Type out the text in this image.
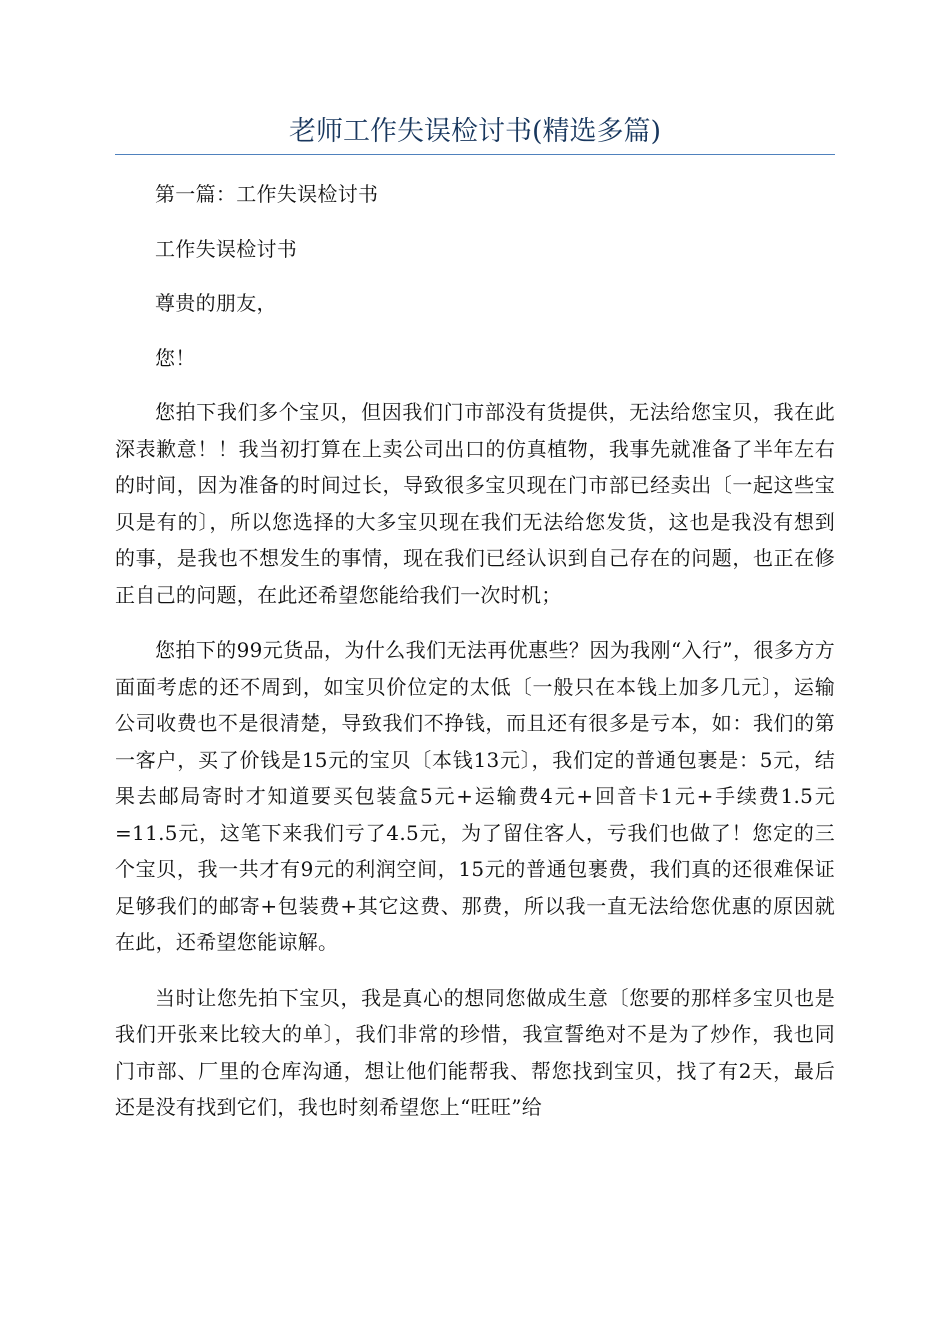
老师工作失误检讨书(精选多篇)

第一篇：工作失误检讨书

工作失误检讨书

尊贵的朋友，

您！

您拍下我们多个宝贝，但因我们门市部没有货提供，无法给您宝贝，我在此深表歉意！！我当初打算在上卖公司出口的仿真植物，我事先就准备了半年左右的时间，因为准备的时间过长，导致很多宝贝现在门市部已经卖出〔一起这些宝贝是有的〕，所以您选择的大多宝贝现在我们无法给您发货，这也是我没有想到的事，是我也不想发生的事情，现在我们已经认识到自己存在的问题，也正在修正自己的问题，在此还希望您能给我们一次时机；

您拍下的99元货品，为什么我们无法再优惠些？因为我刚“入行”，很多方方面面考虑的还不周到，如宝贝价位定的太低〔一般只在本钱上加多几元〕，运输公司收费也不是很清楚，导致我们不挣钱，而且还有很多是亏本，如：我们的第一客户，买了价钱是15元的宝贝〔本钱13元〕，我们定的普通包裹是：5元，结果去邮局寄时才知道要买包装盒5元+运输费4元+回音卡1元+手续费1.5元=11.5元，这笔下来我们亏了4.5元，为了留住客人，亏我们也做了！您定的三个宝贝，我一共才有9元的利润空间，15元的普通包裹费，我们真的还很难保证足够我们的邮寄+包装费+其它这费、那费，所以我一直无法给您优惠的原因就在此，还希望您能谅解。

当时让您先拍下宝贝，我是真心的想同您做成生意〔您要的那样多宝贝也是我们开张来比较大的单〕，我们非常的珍惜，我宣誓绝对不是为了炒作，我也同门市部、厂里的仓库沟通，想让他们能帮我、帮您找到宝贝，找了有2天，最后还是没有找到它们，我也时刻希望您上“旺旺”给
